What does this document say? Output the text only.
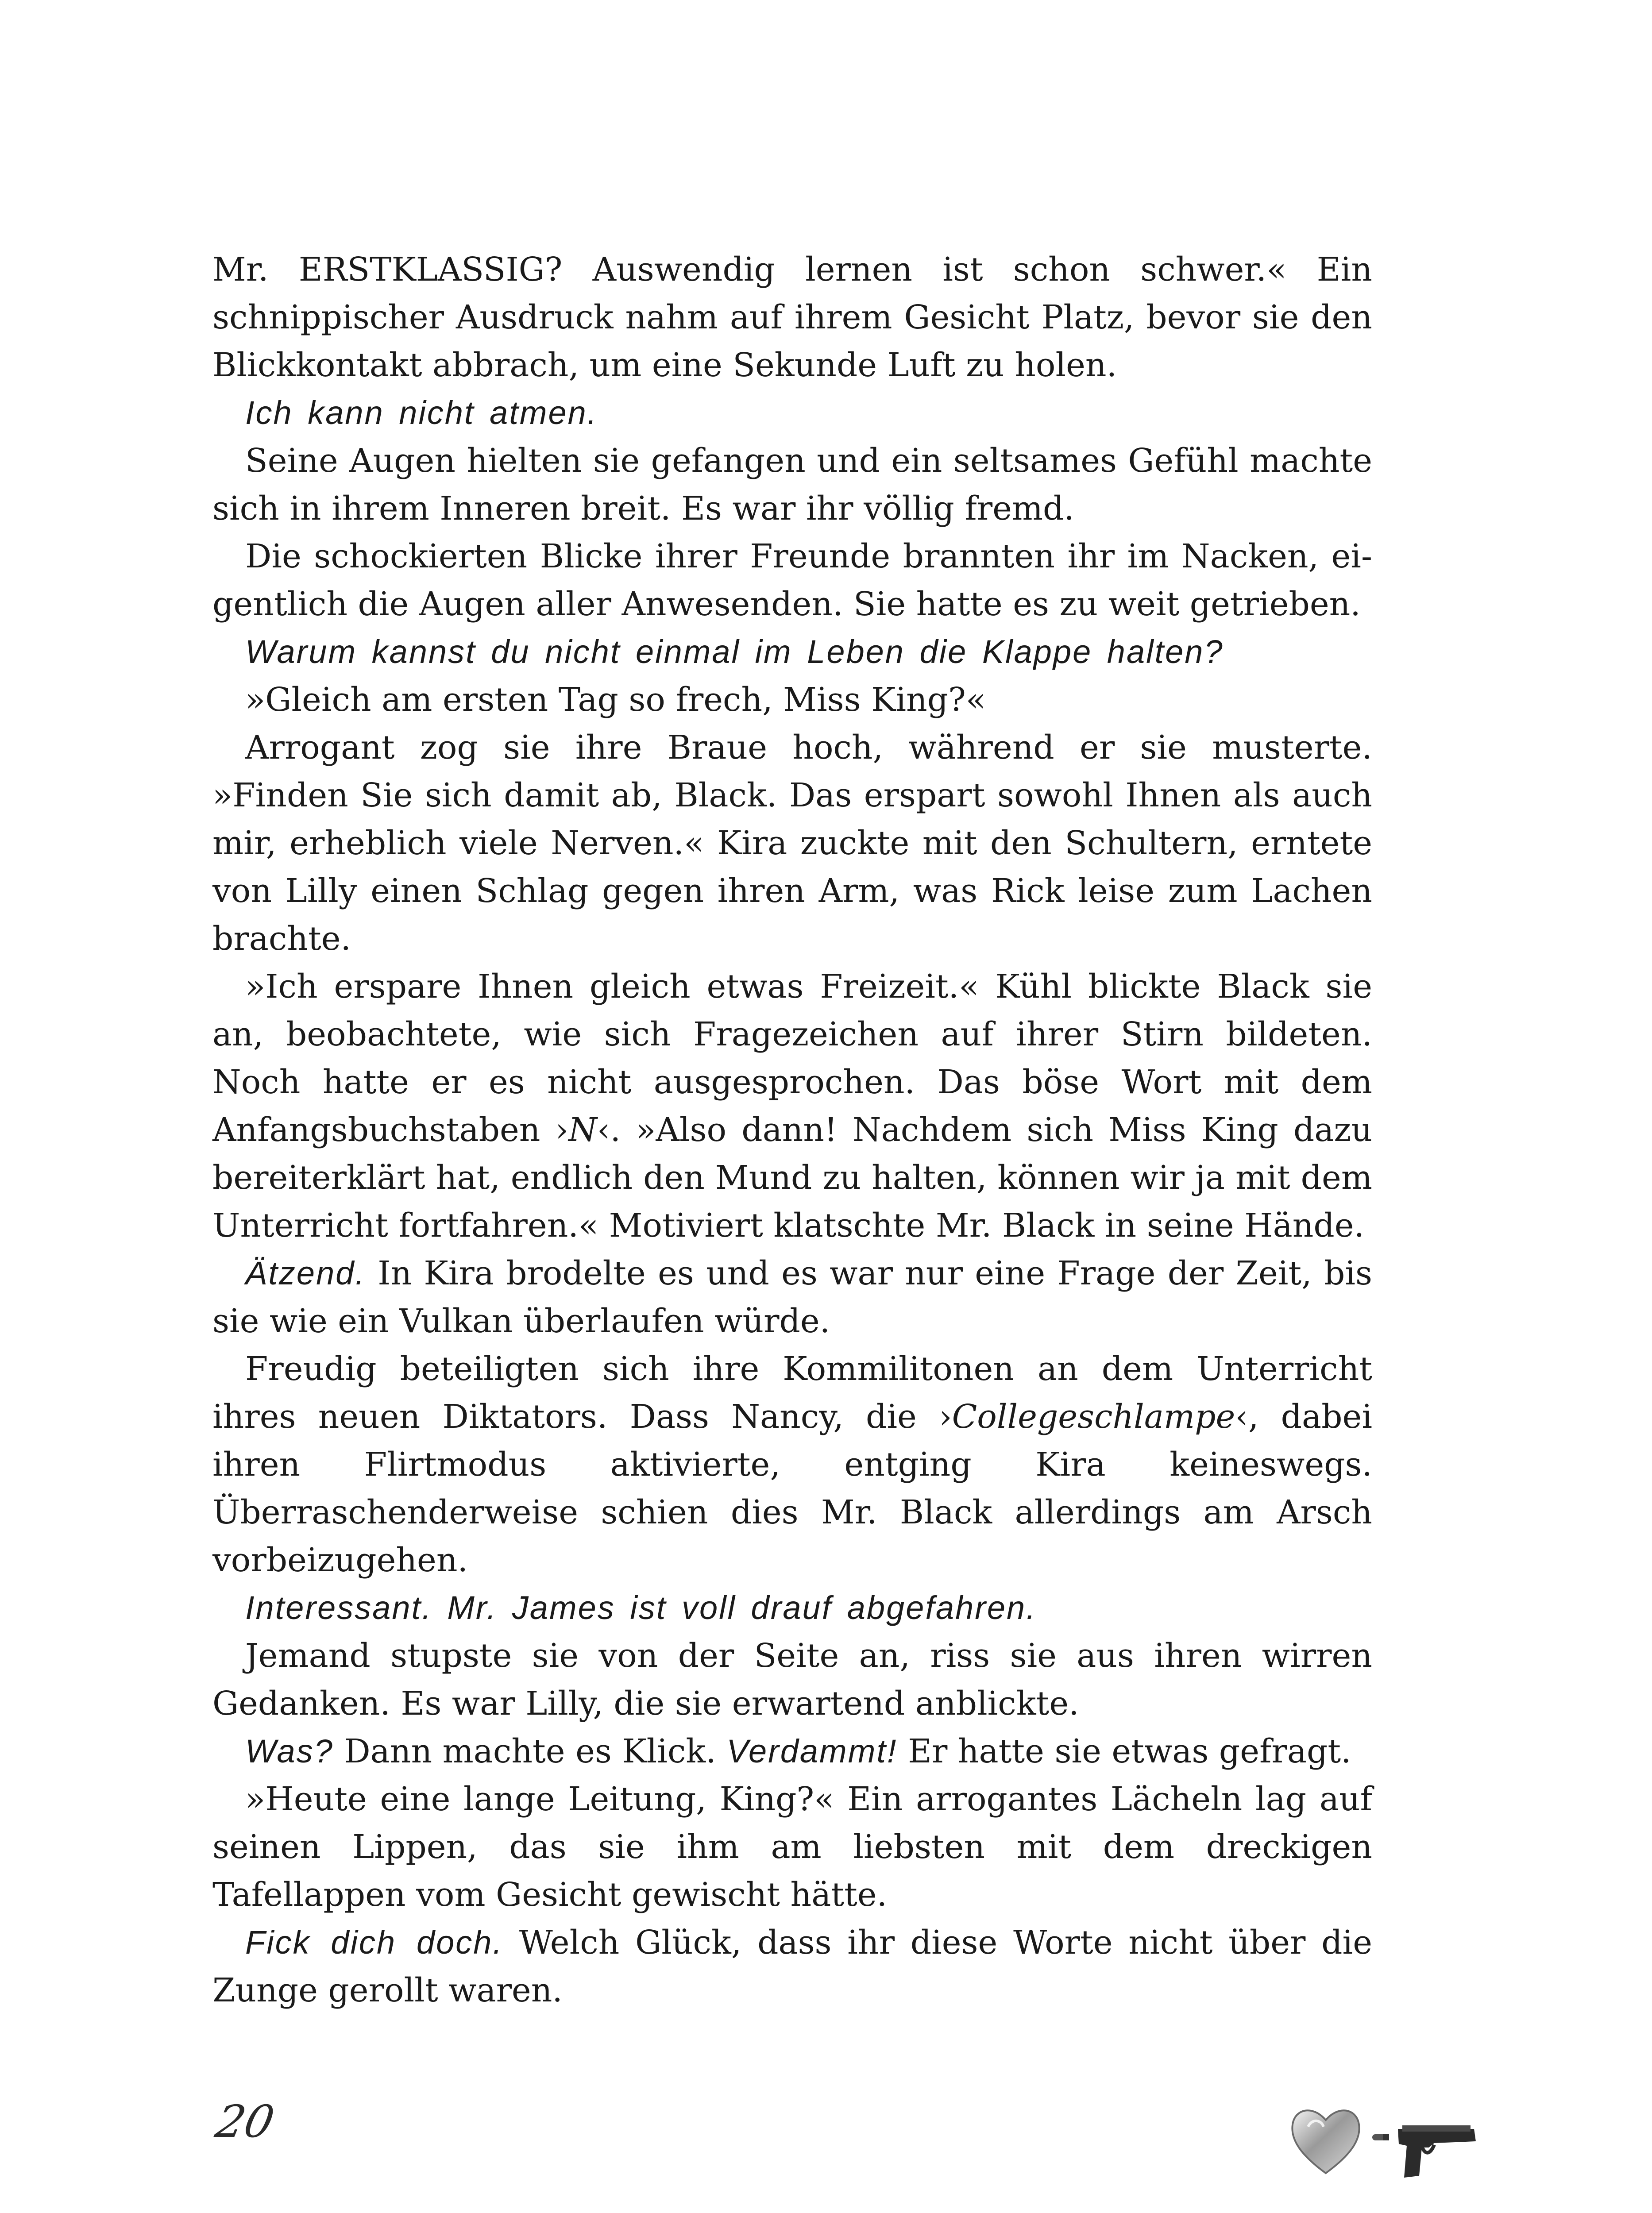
Mr. ERSTKLASSIG? Auswendig lernen ist schon schwer.« Ein schnippischer Ausdruck nahm auf ihrem Gesicht Platz, bevor sie den Blickkontakt abbrach, um eine Sekunde Luft zu holen.

Ich kann nicht atmen.

Seine Augen hielten sie gefangen und ein seltsames Gefühl machte sich in ihrem Inneren breit. Es war ihr völlig fremd.

Die schockierten Blicke ihrer Freunde brannten ihr im Nacken, eigentlich die Augen aller Anwesenden. Sie hatte es zu weit getrieben.

Warum kannst du nicht einmal im Leben die Klappe halten?

»Gleich am ersten Tag so frech, Miss King?«

Arrogant zog sie ihre Braue hoch, während er sie musterte. »Finden Sie sich damit ab, Black. Das erspart sowohl Ihnen als auch mir, erheblich viele Nerven.« Kira zuckte mit den Schultern, erntete von Lilly einen Schlag gegen ihren Arm, was Rick leise zum Lachen brachte.

»Ich erspare Ihnen gleich etwas Freizeit.« Kühl blickte Black sie an, beobachtete, wie sich Fragezeichen auf ihrer Stirn bildeten. Noch hatte er es nicht ausgesprochen. Das böse Wort mit dem Anfangsbuchstaben ›N‹. »Also dann! Nachdem sich Miss King dazu bereiterklärt hat, endlich den Mund zu halten, können wir ja mit dem Unterricht fortfahren.« Motiviert klatschte Mr. Black in seine Hände.

Ätzend. In Kira brodelte es und es war nur eine Frage der Zeit, bis sie wie ein Vulkan überlaufen würde.

Freudig beteiligten sich ihre Kommilitonen an dem Unterricht ihres neuen Diktators. Dass Nancy, die ›Collegeschlampe‹, dabei ihren Flirtmodus aktivierte, entging Kira keineswegs. Überraschenderweise schien dies Mr. Black allerdings am Arsch vorbeizugehen.

Interessant. Mr. James ist voll drauf abgefahren.

Jemand stupste sie von der Seite an, riss sie aus ihren wirren Gedanken. Es war Lilly, die sie erwartend anblickte.

Was? Dann machte es Klick. Verdammt! Er hatte sie etwas gefragt.

»Heute eine lange Leitung, King?« Ein arrogantes Lächeln lag auf seinen Lippen, das sie ihm am liebsten mit dem dreckigen Tafellappen vom Gesicht gewischt hätte.

Fick dich doch. Welch Glück, dass ihr diese Worte nicht über die Zunge gerollt waren.

20
